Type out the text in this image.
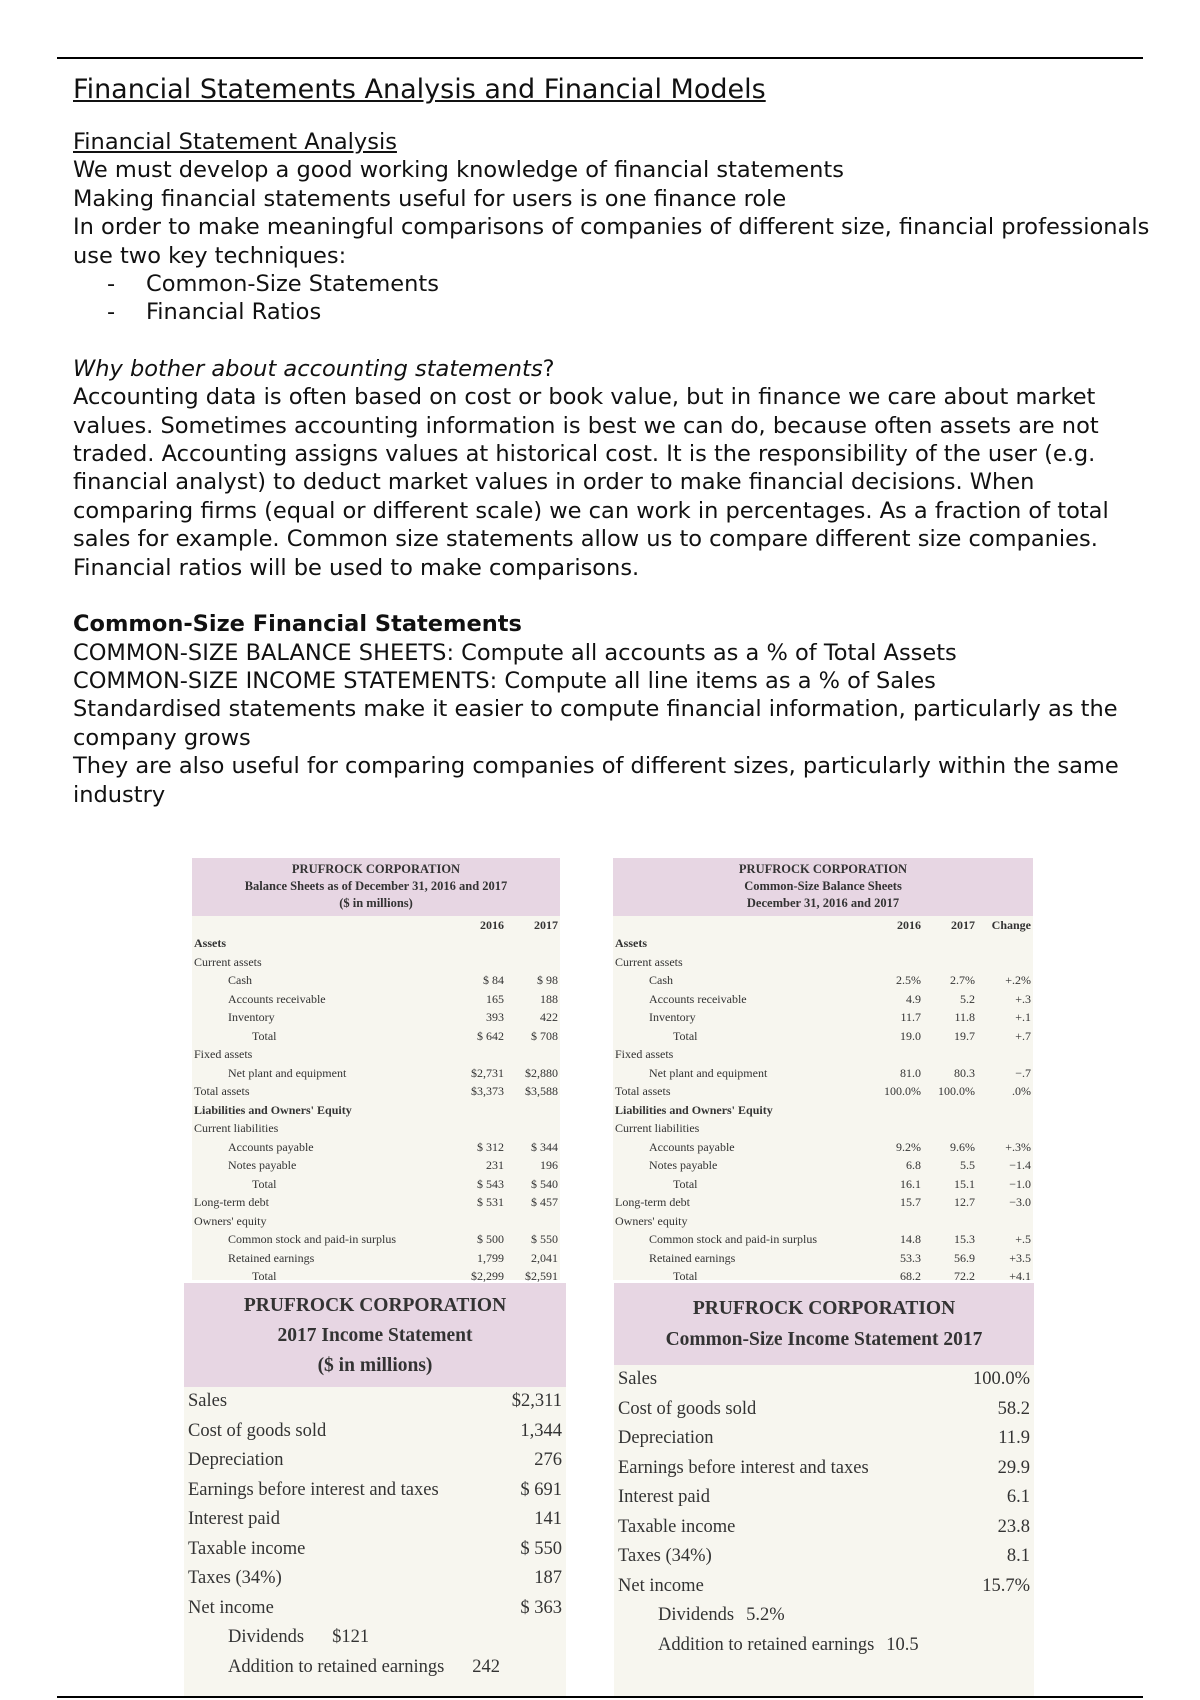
Financial Statements Analysis and Financial Models
Financial Statement Analysis
We must develop a good working knowledge of financial statements
Making financial statements useful for users is one finance role
In order to make meaningful comparisons of companies of different size, financial professionals use two key techniques:
-	Common-Size Statements
-	Financial Ratios
Why bother about accounting statements?
Accounting data is often based on cost or book value, but in finance we care about market values. Sometimes accounting information is best we can do, because often assets are not traded. Accounting assigns values at historical cost. It is the responsibility of the user (e.g. financial analyst) to deduct market values in order to make financial decisions. When comparing firms (equal or different scale) we can work in percentages. As a fraction of total sales for example. Common size statements allow us to compare different size companies. Financial ratios will be used to make comparisons.
Common-Size Financial Statements
COMMON-SIZE BALANCE SHEETS: Compute all accounts as a % of Total Assets
COMMON-SIZE INCOME STATEMENTS: Compute all line items as a % of Sales
Standardised statements make it easier to compute financial information, particularly as the company grows
They are also useful for comparing companies of different sizes, particularly within the same industry
PRUFROCK CORPORATION
Balance Sheets as of December 31, 2016 and 2017
($ in millions)
	2016	2017
Assets		
Current assets		
Cash	$ 84	$ 98
Accounts receivable	165	188
Inventory	393	422
Total	$ 642	$ 708
Fixed assets		
Net plant and equipment	$2,731	$2,880
Total assets	$3,373	$3,588
Liabilities and Owners' Equity		
Current liabilities		
Accounts payable	$ 312	$ 344
Notes payable	231	196
Total	$ 543	$ 540
Long-term debt	$ 531	$ 457
Owners' equity		
Common stock and paid-in surplus	$ 500	$ 550
Retained earnings	1,799	2,041
Total	$2,299	$2,591
PRUFROCK CORPORATION
Common-Size Balance Sheets
December 31, 2016 and 2017
	2016	2017	Change
Assets			
Current assets			
Cash	2.5%	2.7%	+.2%
Accounts receivable	4.9	5.2	+.3
Inventory	11.7	11.8	+.1
Total	19.0	19.7	+.7
Fixed assets			
Net plant and equipment	81.0	80.3	−.7
Total assets	100.0%	100.0%	.0%
Liabilities and Owners' Equity			
Current liabilities			
Accounts payable	9.2%	9.6%	+.3%
Notes payable	6.8	5.5	−1.4
Total	16.1	15.1	−1.0
Long-term debt	15.7	12.7	−3.0
Owners' equity			
Common stock and paid-in surplus	14.8	15.3	+.5
Retained earnings	53.3	56.9	+3.5
Total	68.2	72.2	+4.1
PRUFROCK CORPORATION
2017 Income Statement
($ in millions)
Sales	$2,311
Cost of goods sold	1,344
Depreciation	276
Earnings before interest and taxes	$ 691
Interest paid	141
Taxable income	$ 550
Taxes (34%)	187
Net income	$ 363
Dividends $121	
Addition to retained earnings 242	
PRUFROCK CORPORATION
Common-Size Income Statement 2017
Sales	100.0%
Cost of goods sold	58.2
Depreciation	11.9
Earnings before interest and taxes	29.9
Interest paid	6.1
Taxable income	23.8
Taxes (34%)	8.1
Net income	15.7%
Dividends 5.2%	
Addition to retained earnings 10.5	
